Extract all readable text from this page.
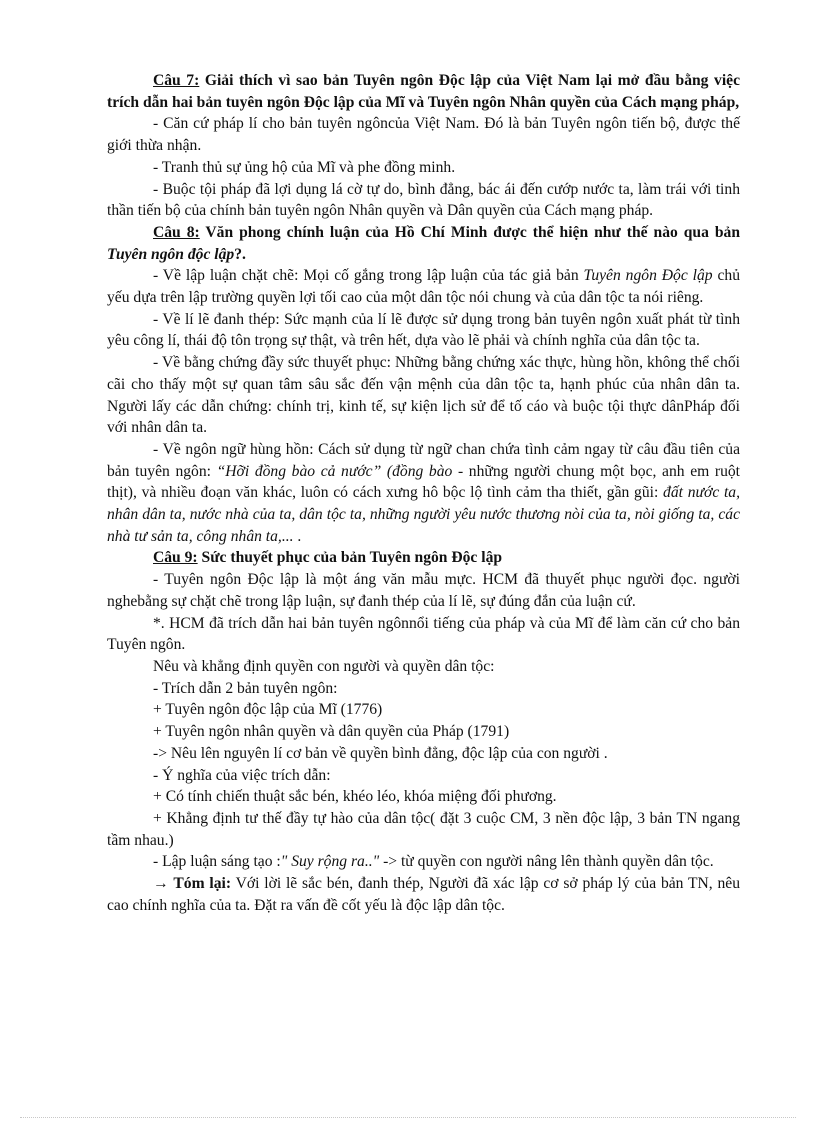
Câu 7: Giải thích vì sao bản Tuyên ngôn Độc lập của Việt Nam lại mở đầu bằng việc trích dẫn hai bản tuyên ngôn Độc lập của Mĩ và Tuyên ngôn Nhân quyền của Cách mạng pháp,

- Căn cứ pháp lí cho bản tuyên ngôncủa Việt Nam. Đó là bản Tuyên ngôn tiến bộ, được thế giới thừa nhận.

- Tranh thủ sự ủng hộ của Mĩ và phe đồng minh.

- Buộc tội pháp đã lợi dụng lá cờ tự do, bình đẳng, bác ái đến cướp nước ta, làm trái với tinh thần tiến bộ của chính bản tuyên ngôn Nhân quyền và Dân quyền của Cách mạng pháp.

Câu 8: Văn phong chính luận của Hồ Chí Minh được thể hiện như thế nào qua bản Tuyên ngôn độc lập?.

- Về lập luận chặt chẽ: Mọi cố gắng trong lập luận của tác giả bản Tuyên ngôn Độc lập chủ yếu dựa trên lập trường quyền lợi tối cao của một dân tộc nói chung và của dân tộc ta nói riêng.

- Về lí lẽ đanh thép: Sức mạnh của lí lẽ được sử dụng trong bản tuyên ngôn xuất phát từ tình yêu công lí, thái độ tôn trọng sự thật, và trên hết, dựa vào lẽ phải và chính nghĩa của dân tộc ta.

- Về bằng chứng đầy sức thuyết phục: Những bằng chứng xác thực, hùng hồn, không thể chối cãi cho thấy một sự quan tâm sâu sắc đến vận mệnh của dân tộc ta, hạnh phúc của nhân dân ta. Người lấy các dẫn chứng: chính trị, kinh tế, sự kiện lịch sử để tố cáo và buộc tội thực dânPháp đối với nhân dân ta.

- Về ngôn ngữ hùng hồn: Cách sử dụng từ ngữ chan chứa tình cảm ngay từ câu đầu tiên của bản tuyên ngôn: “Hỡi đồng bào cả nước” (đồng bào - những người chung một bọc, anh em ruột thịt), và nhiều đoạn văn khác, luôn có cách xưng hô bộc lộ tình cảm tha thiết, gần gũi: đất nước ta, nhân dân ta, nước nhà của ta, dân tộc ta, những người yêu nước thương nòi của ta, nòi giống ta, các nhà tư sản ta, công nhân ta,... .

Câu 9: Sức thuyết phục của bản Tuyên ngôn Độc lập

- Tuyên ngôn Độc lập là một áng văn mẫu mực. HCM đã thuyết phục người đọc. người nghebằng sự chặt chẽ trong lập luận, sự đanh thép của lí lẽ, sự đúng đắn của luận cứ.

*. HCM đã trích dẫn hai bản tuyên ngônnổi tiếng của pháp và của Mĩ để làm căn cứ cho bản Tuyên ngôn.

Nêu và khẳng định quyền con người và quyền dân tộc:

- Trích dẫn 2 bản tuyên ngôn:

+ Tuyên ngôn độc lập của Mĩ (1776)

+ Tuyên ngôn nhân quyền và dân quyền của Pháp (1791)

-> Nêu lên nguyên lí cơ bản về quyền bình đẳng, độc lập của con người .

- Ý nghĩa của việc trích dẫn:

+ Có tính chiến thuật sắc bén, khéo léo, khóa miệng đối phương.

+ Khẳng định tư thế đầy tự hào của dân tộc( đặt 3 cuộc CM, 3 nền độc lập, 3 bản TN ngang tầm nhau.)

- Lập luận sáng tạo :" Suy rộng ra.." -> từ quyền con người nâng lên thành quyền dân tộc.

→ Tóm lại: Với lời lẽ sắc bén, đanh thép, Người đã xác lập cơ sở pháp lý của bản TN, nêu cao chính nghĩa của ta. Đặt ra vấn đề cốt yếu là độc lập dân tộc.
